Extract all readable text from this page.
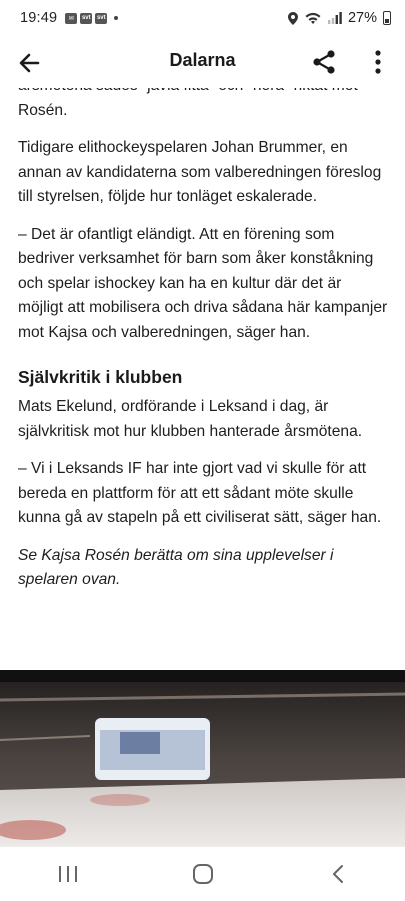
19:49	✉	svt svt	27%
Dalarna

Rosén.

Tidigare elithockeyspelaren Johan Brummer, en annan av kandidaterna som valberedningen föreslog till styrelsen, följde hur tonläget eskalerade.

– Det är ofantligt eländigt. Att en förening som bedriver verksamhet för barn som åker konståkning och spelar ishockey kan ha en kultur där det är möjligt att mobilisera och driva sådana här kampanjer mot Kajsa och valberedningen, säger han.

Självkritik i klubben

Mats Ekelund, ordförande i Leksand i dag, är självkritisk mot hur klubben hanterade årsmötena.

– Vi i Leksands IF har inte gjort vad vi skulle för att bereda en plattform för att ett sådant möte skulle kunna gå av stapeln på ett civiliserat sätt, säger han.

Se Kajsa Rosén berätta om sina upplevelser i spelaren ovan.
